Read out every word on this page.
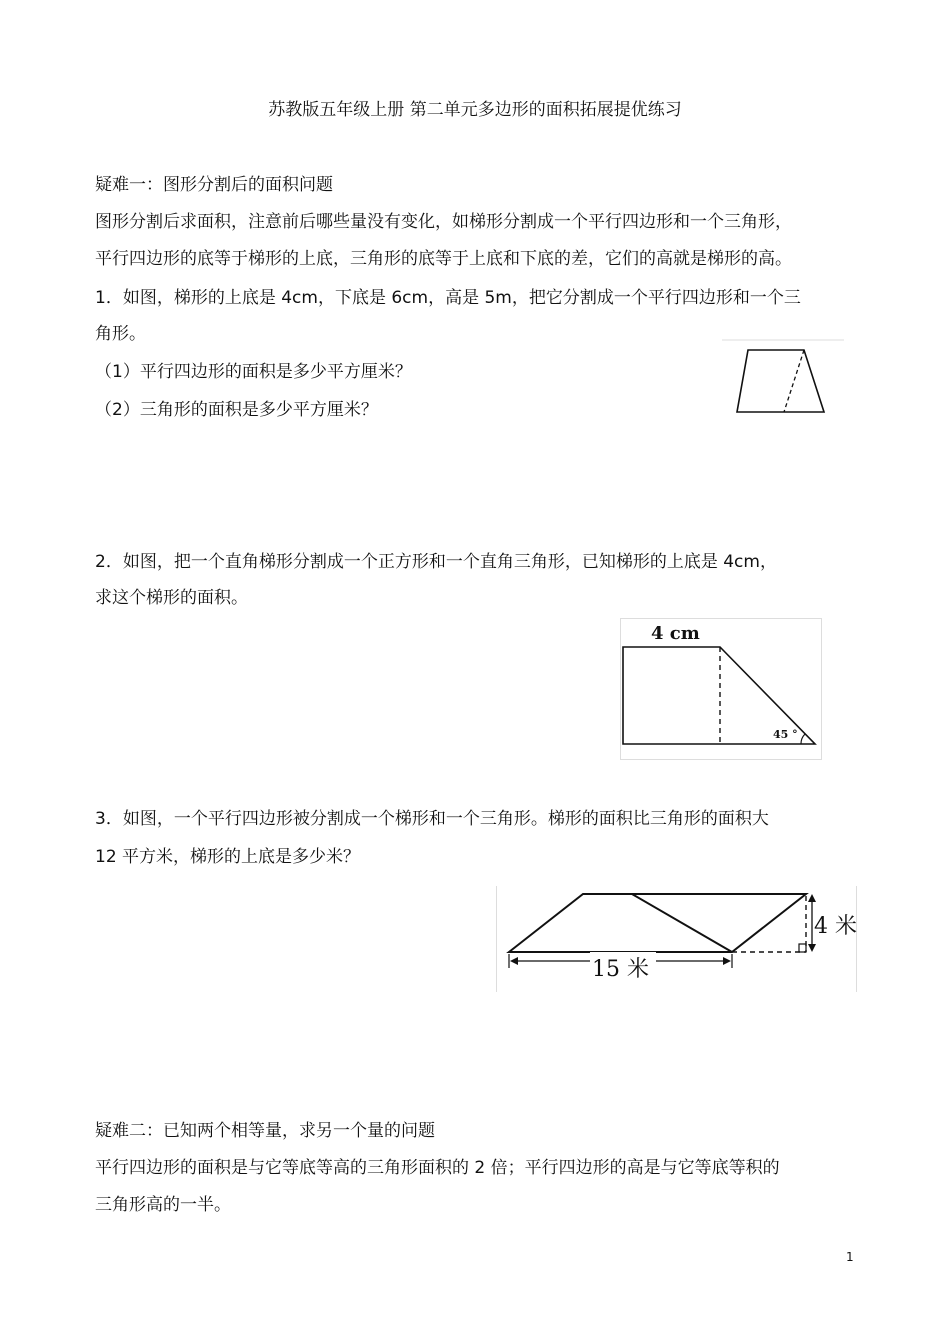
苏教版五年级上册 第二单元多边形的面积拓展提优练习
疑难一：图形分割后的面积问题
图形分割后求面积，注意前后哪些量没有变化，如梯形分割成一个平行四边形和一个三角形，
平行四边形的底等于梯形的上底，三角形的底等于上底和下底的差，它们的高就是梯形的高。
1．如图，梯形的上底是 4cm，下底是 6cm，高是 5m，把它分割成一个平行四边形和一个三
角形。
（1）平行四边形的面积是多少平方厘米？
（2）三角形的面积是多少平方厘米？
2．如图，把一个直角梯形分割成一个正方形和一个直角三角形，已知梯形的上底是 4cm，
求这个梯形的面积。
4 cm
45 °
3．如图，一个平行四边形被分割成一个梯形和一个三角形。梯形的面积比三角形的面积大
12 平方米，梯形的上底是多少米？
4 米
15 米
疑难二：已知两个相等量，求另一个量的问题
平行四边形的面积是与它等底等高的三角形面积的 2 倍；平行四边形的高是与它等底等积的
三角形高的一半。
1
